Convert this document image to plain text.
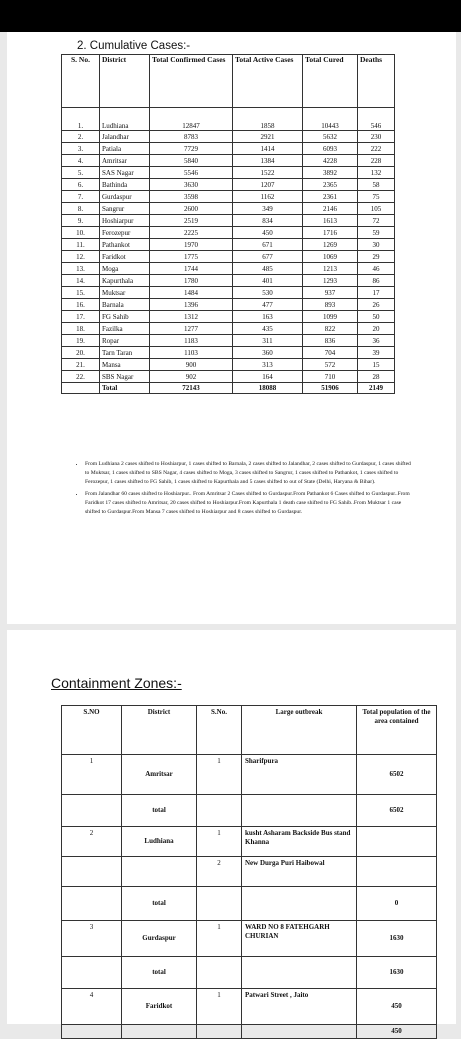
2. Cumulative Cases:-
S. No.	District	Total Confirmed Cases	Total Active Cases	Total Cured	Deaths
1.	Ludhiana	12847	1858	10443	546
2.	Jalandhar	8783	2921	5632	230
3.	Patiala	7729	1414	6093	222
4.	Amritsar	5840	1384	4228	228
5.	SAS Nagar	5546	1522	3892	132
6.	Bathinda	3630	1207	2365	58
7.	Gurdaspur	3598	1162	2361	75
8.	Sangrur	2600	349	2146	105
9.	Hoshiarpur	2519	834	1613	72
10.	Ferozepur	2225	450	1716	59
11.	Pathankot	1970	671	1269	30
12.	Faridkot	1775	677	1069	29
13.	Moga	1744	485	1213	46
14.	Kapurthala	1780	401	1293	86
15.	Muktsar	1484	530	937	17
16.	Barnala	1396	477	893	26
17.	FG Sahib	1312	163	1099	50
18.	Fazilka	1277	435	822	20
19.	Ropar	1183	311	836	36
20.	Tarn Taran	1103	360	704	39
21.	Mansa	900	313	572	15
22.	SBS Nagar	902	164	710	28
	Total	72143	18088	51906	2149
• From Ludhiana 2 cases shifted to Hoshiarpur, 1 cases shifted to Barnala, 2 cases shifted to Jalandhar, 2 cases shifted to Gurdaspur, 1 cases shifted to Muktsar, 1 cases shifted to SBS Nagar, 4 cases shifted to Moga, 3 cases shifted to Sangrur, 1 cases shifted to Pathankot, 1 cases shifted to Ferozepur, 1 cases shifted to FG Sahib, 1 cases shifted to Kapurthala and 5 cases shifted to out of State (Delhi, Haryana & Bihar).
• From Jalandhar 60 cases shifted to Hoshiarpur.. From Amritsar 2 Cases shifted to Gurdaspur.From Pathankot 6 Cases shifted to Gurdaspur..From Faridkot 17 cases shifted to Amritsar, 20 cases shifted to Hoshiarpur.From Kapurthala 1 death case shifted to FG Sahib..From Muktsar 1 case shifted to Gurdaspur.From Mansa 7 cases shifted to Hoshiarpur and 8 cases shifted to Gurdaspur.
Containment Zones:-
S.NO	District	S.No.	Large outbreak	Total population of the area contained
1	Amritsar	1	Sharifpura	6502
	total			6502
2	Ludhiana	1	kusht Asharam Backside Bus stand Khanna	
		2	New Durga Puri Haibowal	
	total			0
3	Gurdaspur	1	WARD NO 8 FATEHGARH CHURIAN	1630
	total			1630
4	Faridkot	1	Patwari Street , Jaito	450
				450
